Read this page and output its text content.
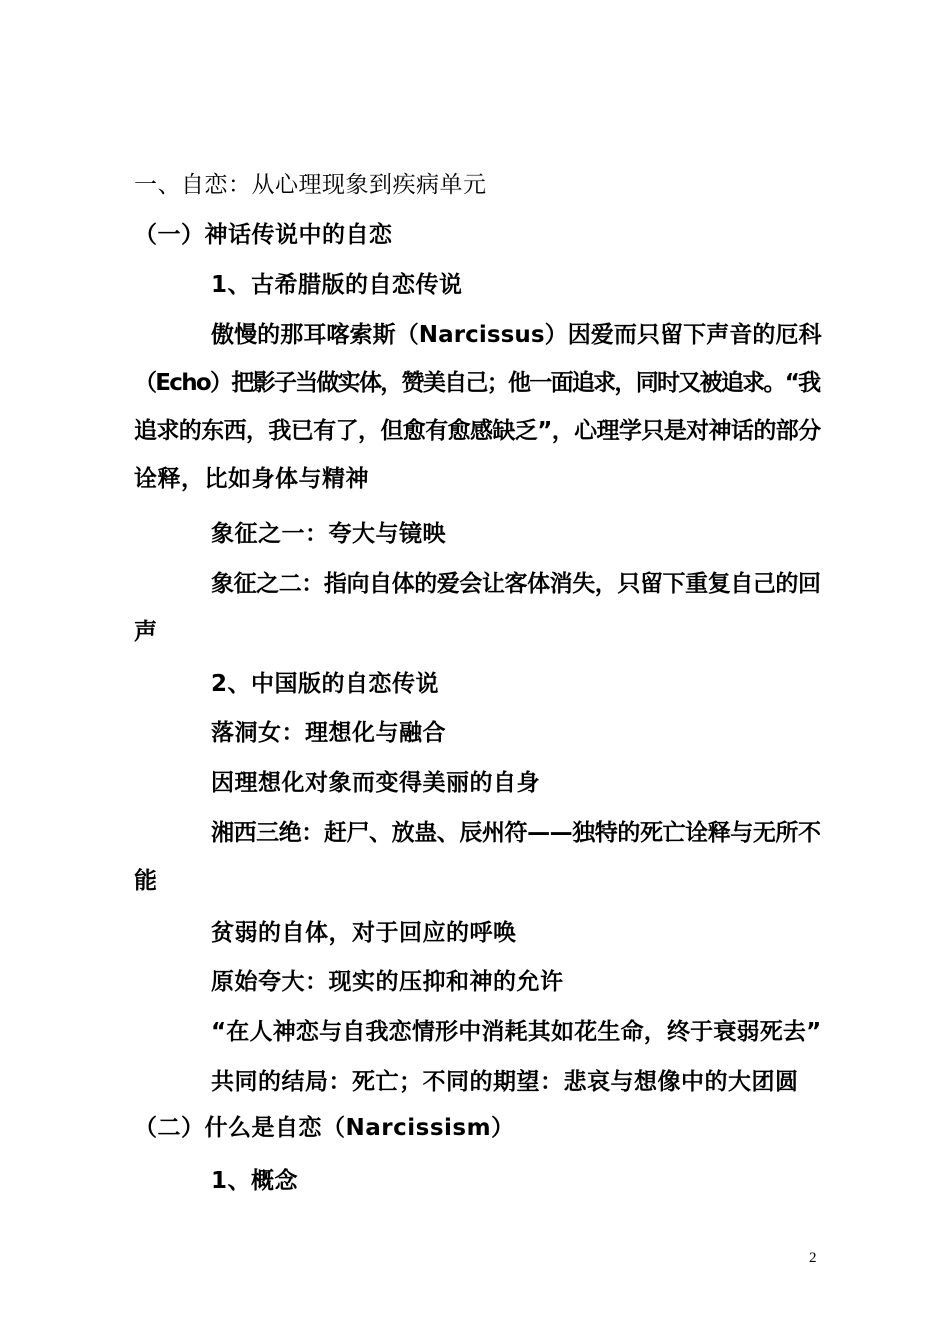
一、自恋：从心理现象到疾病单元

（一）神话传说中的自恋

1、古希腊版的自恋传说

傲慢的那耳喀索斯（Narcissus）因爱而只留下声音的厄科

（Echo）把影子当做实体，赞美自己；他一面追求，同时又被追求。“我

追求的东西，我已有了，但愈有愈感缺乏”，心理学只是对神话的部分

诠释，比如身体与精神

象征之一：夸大与镜映

象征之二：指向自体的爱会让客体消失，只留下重复自己的回

声

2、中国版的自恋传说

落洞女：理想化与融合

因理想化对象而变得美丽的自身

湘西三绝：赶尸、放蛊、辰州符——独特的死亡诠释与无所不

能

贫弱的自体，对于回应的呼唤

原始夸大：现实的压抑和神的允许

“在人神恋与自我恋情形中消耗其如花生命，终于衰弱死去”

共同的结局：死亡；不同的期望：悲哀与想像中的大团圆

（二）什么是自恋（Narcissism）

1、概念

2
